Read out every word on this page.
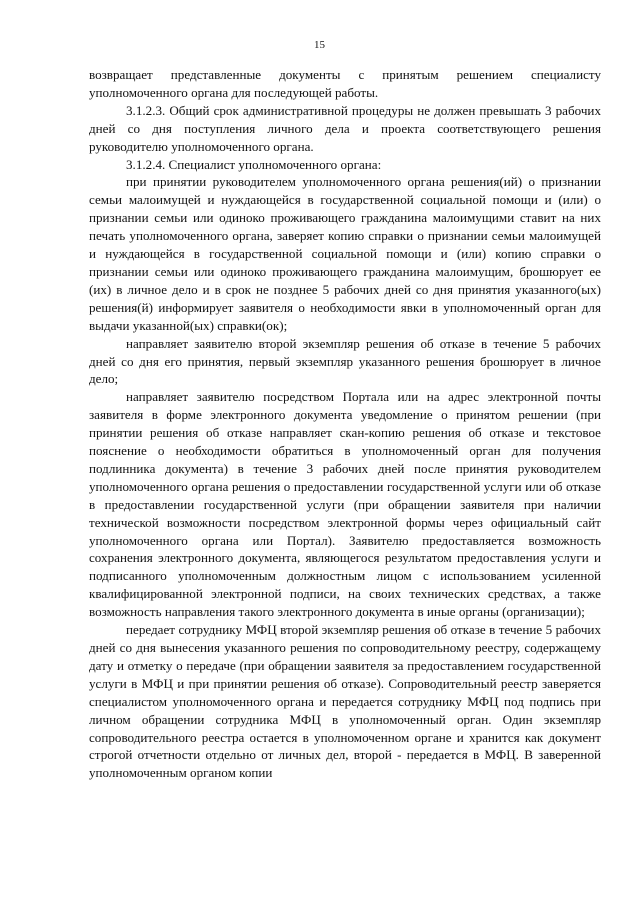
15

возвращает представленные документы с принятым решением специалисту уполномоченного органа для последующей работы.

3.1.2.3. Общий срок административной процедуры не должен превышать 3 рабочих дней со дня поступления личного дела и проекта соответствующего решения руководителю уполномоченного органа.

3.1.2.4. Специалист уполномоченного органа:

при принятии руководителем уполномоченного органа решения(ий) о признании семьи малоимущей и нуждающейся в государственной социальной помощи и (или) о признании семьи или одиноко проживающего гражданина малоимущими ставит на них печать уполномоченного органа, заверяет копию справки о признании семьи малоимущей и нуждающейся в государственной социальной помощи и (или) копию справки о признании семьи или одиноко проживающего гражданина малоимущим, брошюрует ее (их) в личное дело и в срок не позднее 5 рабочих дней со дня принятия указанного(ых) решения(й) информирует заявителя о необходимости явки в уполномоченный орган для выдачи указанной(ых) справки(ок);

направляет заявителю второй экземпляр решения об отказе в течение 5 рабочих дней со дня его принятия, первый экземпляр указанного решения брошюрует в личное дело;

направляет заявителю посредством Портала или на адрес электронной почты заявителя в форме электронного документа уведомление о принятом решении (при принятии решения об отказе направляет скан-копию решения об отказе и текстовое пояснение о необходимости обратиться в уполномоченный орган для получения подлинника документа) в течение 3 рабочих дней после принятия руководителем уполномоченного органа решения о предоставлении государственной услуги или об отказе в предоставлении государственной услуги (при обращении заявителя при наличии технической возможности посредством электронной формы через официальный сайт уполномоченного органа или Портал). Заявителю предоставляется возможность сохранения электронного документа, являющегося результатом предоставления услуги и подписанного уполномоченным должностным лицом с использованием усиленной квалифицированной электронной подписи, на своих технических средствах, а также возможность направления такого электронного документа в иные органы (организации);

передает сотруднику МФЦ второй экземпляр решения об отказе в течение 5 рабочих дней со дня вынесения указанного решения по сопроводительному реестру, содержащему дату и отметку о передаче (при обращении заявителя за предоставлением государственной услуги в МФЦ и при принятии решения об отказе). Сопроводительный реестр заверяется специалистом уполномоченного органа и передается сотруднику МФЦ под подпись при личном обращении сотрудника МФЦ в уполномоченный орган. Один экземпляр сопроводительного реестра остается в уполномоченном органе и хранится как документ строгой отчетности отдельно от личных дел, второй - передается в МФЦ. В заверенной уполномоченным органом копии
